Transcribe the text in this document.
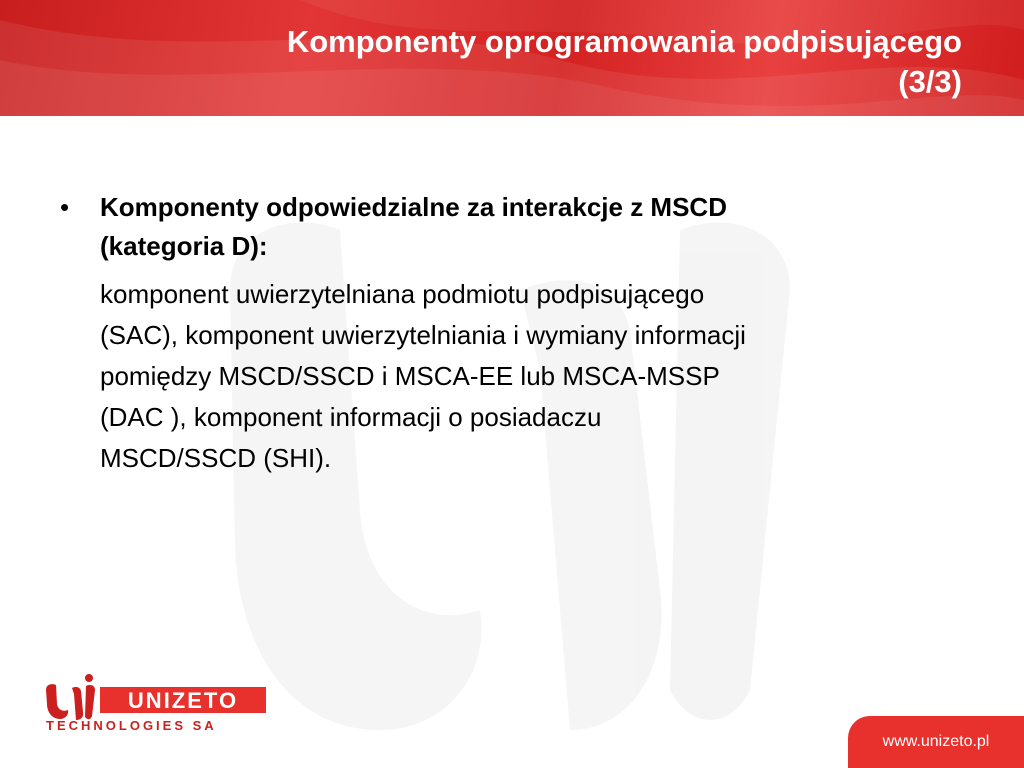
Komponenty oprogramowania podpisującego
(3/3)
•	Komponenty odpowiedzialne za interakcje z MSCD
(kategoria D):

komponent uwierzytelniana podmiotu podpisującego
(SAC), komponent uwierzytelniania i wymiany informacji
pomiędzy MSCD/SSCD i MSCA-EE lub MSCA-MSSP
(DAC ), komponent informacji o posiadaczu
MSCD/SSCD (SHI).

UNIZETO
TECHNOLOGIES SA
www.unizeto.pl
